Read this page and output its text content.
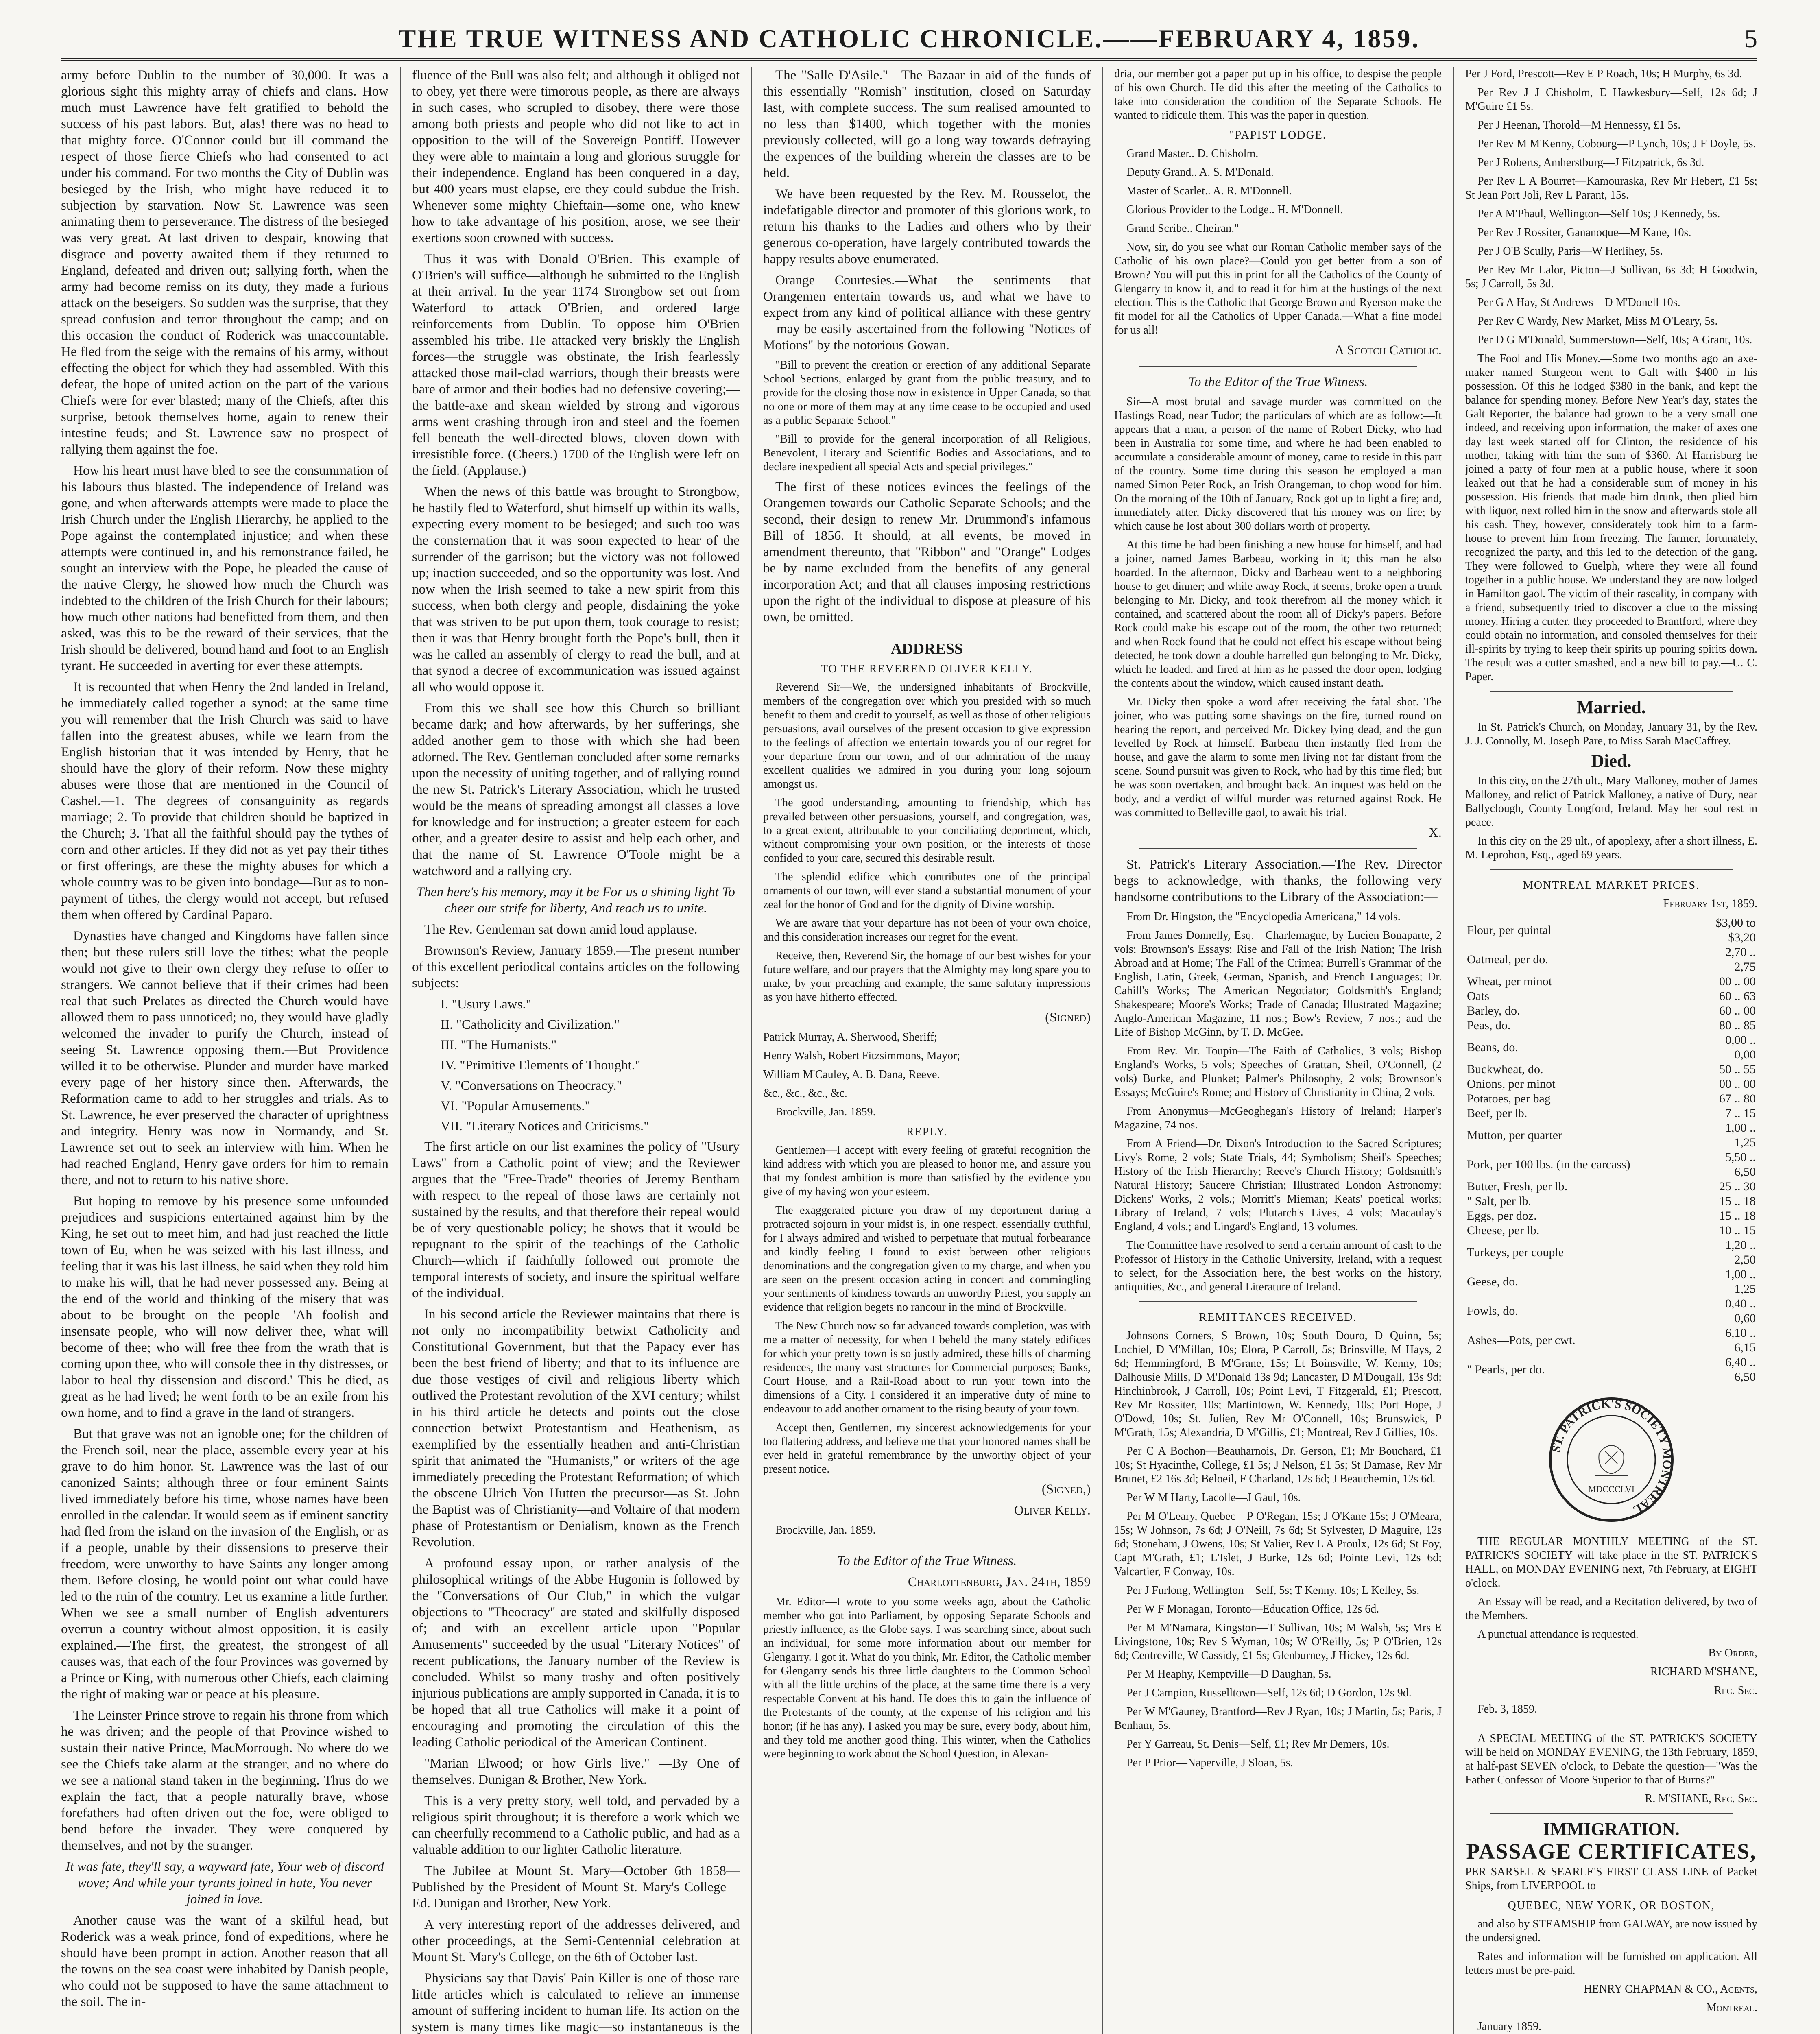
THE TRUE WITNESS AND CATHOLIC CHRONICLE.——FEBRUARY 4, 1859.	5

army before Dublin to the number of 30,000. It was a glorious sight this mighty array of chiefs and clans. How much must Lawrence have felt gratified to behold the success of his past labors. But, alas! there was no head to that mighty force. O'Connor could but ill command the respect of those fierce Chiefs who had consented to act under his command. For two months the City of Dublin was besieged by the Irish, who might have reduced it to subjection by starvation. Now St. Lawrence was seen animating them to perseverance. The distress of the besieged was very great. At last driven to despair, knowing that disgrace and poverty awaited them if they returned to England, defeated and driven out; sallying forth, when the army had become remiss on its duty, they made a furious attack on the beseigers. So sudden was the surprise, that they spread confusion and terror throughout the camp; and on this occasion the conduct of Roderick was unaccountable. He fled from the seige with the remains of his army, without effecting the object for which they had assembled. With this defeat, the hope of united action on the part of the various Chiefs were for ever blasted; many of the Chiefs, after this surprise, betook themselves home, again to renew their intestine feuds; and St. Lawrence saw no prospect of rallying them against the foe.

How his heart must have bled to see the consummation of his labours thus blasted. The independence of Ireland was gone, and when afterwards attempts were made to place the Irish Church under the English Hierarchy, he applied to the Pope against the contemplated injustice; and when these attempts were continued in, and his remonstrance failed, he sought an interview with the Pope, he pleaded the cause of the native Clergy, he showed how much the Church was indebted to the children of the Irish Church for their labours; how much other nations had benefitted from them, and then asked, was this to be the reward of their services, that the Irish should be delivered, bound hand and foot to an English tyrant. He succeeded in averting for ever these attempts.

It is recounted that when Henry the 2nd landed in Ireland, he immediately called together a synod; at the same time you will remember that the Irish Church was said to have fallen into the greatest abuses, while we learn from the English historian that it was intended by Henry, that he should have the glory of their reform. Now these mighty abuses were those that are mentioned in the Council of Cashel.—1. The degrees of consanguinity as regards marriage; 2. To provide that children should be baptized in the Church; 3. That all the faithful should pay the tythes of corn and other articles. If they did not as yet pay their tithes or first offerings, are these the mighty abuses for which a whole country was to be given into bondage—But as to non-payment of tithes, the clergy would not accept, but refused them when offered by Cardinal Paparo.

Dynasties have changed and Kingdoms have fallen since then; but these rulers still love the tithes; what the people would not give to their own clergy they refuse to offer to strangers. We cannot believe that if their crimes had been real that such Prelates as directed the Church would have allowed them to pass unnoticed; no, they would have gladly welcomed the invader to purify the Church, instead of seeing St. Lawrence opposing them.—But Providence willed it to be otherwise. Plunder and murder have marked every page of her history since then. Afterwards, the Reformation came to add to her struggles and trials. As to St. Lawrence, he ever preserved the character of uprightness and integrity. Henry was now in Normandy, and St. Lawrence set out to seek an interview with him. When he had reached England, Henry gave orders for him to remain there, and not to return to his native shore.

But hoping to remove by his presence some unfounded prejudices and suspicions entertained against him by the King, he set out to meet him, and had just reached the little town of Eu, when he was seized with his last illness, and feeling that it was his last illness, he said when they told him to make his will, that he had never possessed any. Being at the end of the world and thinking of the misery that was about to be brought on the people—'Ah foolish and insensate people, who will now deliver thee, what will become of thee; who will free thee from the wrath that is coming upon thee, who will console thee in thy distresses, or labor to heal thy dissension and discord.' This he died, as great as he had lived; he went forth to be an exile from his own home, and to find a grave in the land of strangers.

But that grave was not an ignoble one; for the children of the French soil, near the place, assemble every year at his grave to do him honor. St. Lawrence was the last of our canonized Saints; although three or four eminent Saints lived immediately before his time, whose names have been enrolled in the calendar. It would seem as if eminent sanctity had fled from the island on the invasion of the English, or as if a people, unable by their dissensions to preserve their freedom, were unworthy to have Saints any longer among them. Before closing, he would point out what could have led to the ruin of the country. Let us examine a little further. When we see a small number of English adventurers overrun a country without almost opposition, it is easily explained.—The first, the greatest, the strongest of all causes was, that each of the four Provinces was governed by a Prince or King, with numerous other Chiefs, each claiming the right of making war or peace at his pleasure.

The Leinster Prince strove to regain his throne from which he was driven; and the people of that Province wished to sustain their native Prince, MacMorrough. No where do we see the Chiefs take alarm at the stranger, and no where do we see a national stand taken in the beginning. Thus do we explain the fact, that a people naturally brave, whose forefathers had often driven out the foe, were obliged to bend before the invader. They were conquered by themselves, and not by the stranger.

It was fate, they'll say, a wayward fate, Your web of discord wove; And while your tyrants joined in hate, You never joined in love.

Another cause was the want of a skilful head, but Roderick was a weak prince, fond of expeditions, where he should have been prompt in action. Another reason that all the towns on the sea coast were inhabited by Danish people, who could not be supposed to have the same attachment to the soil. The in-

fluence of the Bull was also felt; and although it obliged not to obey, yet there were timorous people, as there are always in such cases, who scrupled to disobey, there were those among both priests and people who did not like to act in opposition to the will of the Sovereign Pontiff. However they were able to maintain a long and glorious struggle for their independence. England has been conquered in a day, but 400 years must elapse, ere they could subdue the Irish. Whenever some mighty Chieftain—some one, who knew how to take advantage of his position, arose, we see their exertions soon crowned with success.

Thus it was with Donald O'Brien. This example of O'Brien's will suffice—although he submitted to the English at their arrival. In the year 1174 Strongbow set out from Waterford to attack O'Brien, and ordered large reinforcements from Dublin. To oppose him O'Brien assembled his tribe. He attacked very briskly the English forces—the struggle was obstinate, the Irish fearlessly attacked those mail-clad warriors, though their breasts were bare of armor and their bodies had no defensive covering;—the battle-axe and skean wielded by strong and vigorous arms went crashing through iron and steel and the foemen fell beneath the well-directed blows, cloven down with irresistible force. (Cheers.) 1700 of the English were left on the field. (Applause.)

When the news of this battle was brought to Strongbow, he hastily fled to Waterford, shut himself up within its walls, expecting every moment to be besieged; and such too was the consternation that it was soon expected to hear of the surrender of the garrison; but the victory was not followed up; inaction succeeded, and so the opportunity was lost. And now when the Irish seemed to take a new spirit from this success, when both clergy and people, disdaining the yoke that was striven to be put upon them, took courage to resist; then it was that Henry brought forth the Pope's bull, then it was he called an assembly of clergy to read the bull, and at that synod a decree of excommunication was issued against all who would oppose it.

From this we shall see how this Church so brilliant became dark; and how afterwards, by her sufferings, she added another gem to those with which she had been adorned. The Rev. Gentleman concluded after some remarks upon the necessity of uniting together, and of rallying round the new St. Patrick's Literary Association, which he trusted would be the means of spreading amongst all classes a love for knowledge and for instruction; a greater esteem for each other, and a greater desire to assist and help each other, and that the name of St. Lawrence O'Toole might be a watchword and a rallying cry.

Then here's his memory, may it be For us a shining light To cheer our strife for liberty, And teach us to unite.

The Rev. Gentleman sat down amid loud applause.

Brownson's Review, January 1859.—The present number of this excellent periodical contains articles on the following subjects:—

I. "Usury Laws."

II. "Catholicity and Civilization."

III. "The Humanists."

IV. "Primitive Elements of Thought."

V. "Conversations on Theocracy."

VI. "Popular Amusements."

VII. "Literary Notices and Criticisms."

The first article on our list examines the policy of "Usury Laws" from a Catholic point of view; and the Reviewer argues that the "Free-Trade" theories of Jeremy Bentham with respect to the repeal of those laws are certainly not sustained by the results, and that therefore their repeal would be of very questionable policy; he shows that it would be repugnant to the spirit of the teachings of the Catholic Church—which if faithfully followed out promote the temporal interests of society, and insure the spiritual welfare of the individual.

In his second article the Reviewer maintains that there is not only no incompatibility betwixt Catholicity and Constitutional Government, but that the Papacy ever has been the best friend of liberty; and that to its influence are due those vestiges of civil and religious liberty which outlived the Protestant revolution of the XVI century; whilst in his third article he detects and points out the close connection betwixt Protestantism and Heathenism, as exemplified by the essentially heathen and anti-Christian spirit that animated the "Humanists," or writers of the age immediately preceding the Protestant Reformation; of which the obscene Ulrich Von Hutten the precursor—as St. John the Baptist was of Christianity—and Voltaire of that modern phase of Protestantism or Denialism, known as the French Revolution.

A profound essay upon, or rather analysis of the philosophical writings of the Abbe Hugonin is followed by the "Conversations of Our Club," in which the vulgar objections to "Theocracy" are stated and skilfully disposed of; and with an excellent article upon "Popular Amusements" succeeded by the usual "Literary Notices" of recent publications, the January number of the Review is concluded. Whilst so many trashy and often positively injurious publications are amply supported in Canada, it is to be hoped that all true Catholics will make it a point of encouraging and promoting the circulation of this the leading Catholic periodical of the American Continent.

"Marian Elwood; or how Girls live." —By One of themselves. Dunigan & Brother, New York.

This is a very pretty story, well told, and pervaded by a religious spirit throughout; it is therefore a work which we can cheerfully recommend to a Catholic public, and had as a valuable addition to our lighter Catholic literature.

The Jubilee at Mount St. Mary—October 6th 1858—Published by the President of Mount St. Mary's College—Ed. Dunigan and Brother, New York.

A very interesting report of the addresses delivered, and other proceedings, at the Semi-Centennial celebration at Mount St. Mary's College, on the 6th of October last.

Physicians say that Davis' Pain Killer is one of those rare little articles which is calculated to relieve an immense amount of suffering incident to human life. Its action on the system is many times like magic—so instantaneous is the

The "Salle D'Asile."—The Bazaar in aid of the funds of this essentially "Romish" institution, closed on Saturday last, with complete success. The sum realised amounted to no less than $1400, which together with the monies previously collected, will go a long way towards defraying the expences of the building wherein the classes are to be held.

We have been requested by the Rev. M. Rousselot, the indefatigable director and promoter of this glorious work, to return his thanks to the Ladies and others who by their generous co-operation, have largely contributed towards the happy results above enumerated.

Orange Courtesies.—What the sentiments that Orangemen entertain towards us, and what we have to expect from any kind of political alliance with these gentry—may be easily ascertained from the following "Notices of Motions" by the notorious Gowan.

"Bill to prevent the creation or erection of any additional Separate School Sections, enlarged by grant from the public treasury, and to provide for the closing those now in existence in Upper Canada, so that no one or more of them may at any time cease to be occupied and used as a public Separate School."

"Bill to provide for the general incorporation of all Religious, Benevolent, Literary and Scientific Bodies and Associations, and to declare inexpedient all special Acts and special privileges."

The first of these notices evinces the feelings of the Orangemen towards our Catholic Separate Schools; and the second, their design to renew Mr. Drummond's infamous Bill of 1856. It should, at all events, be moved in amendment thereunto, that "Ribbon" and "Orange" Lodges be by name excluded from the benefits of any general incorporation Act; and that all clauses imposing restrictions upon the right of the individual to dispose at pleasure of his own, be omitted.

ADDRESS

TO THE REVEREND OLIVER KELLY.

Reverend Sir—We, the undersigned inhabitants of Brockville, members of the congregation over which you presided with so much benefit to them and credit to yourself, as well as those of other religious persuasions, avail ourselves of the present occasion to give expression to the feelings of affection we entertain towards you of our regret for your departure from our town, and of our admiration of the many excellent qualities we admired in you during your long sojourn amongst us.

The good understanding, amounting to friendship, which has prevailed between other persuasions, yourself, and congregation, was, to a great extent, attributable to your conciliating deportment, which, without compromising your own position, or the interests of those confided to your care, secured this desirable result.

The splendid edifice which contributes one of the principal ornaments of our town, will ever stand a substantial monument of your zeal for the honor of God and for the dignity of Divine worship.

We are aware that your departure has not been of your own choice, and this consideration increases our regret for the event.

Receive, then, Reverend Sir, the homage of our best wishes for your future welfare, and our prayers that the Almighty may long spare you to make, by your preaching and example, the same salutary impressions as you have hitherto effected.

(Signed)

Patrick Murray, A. Sherwood, Sheriff;

Henry Walsh, Robert Fitzsimmons, Mayor;

William M'Cauley, A. B. Dana, Reeve.

&c., &c., &c., &c.

Brockville, Jan. 1859.

REPLY.

Gentlemen—I accept with every feeling of grateful recognition the kind address with which you are pleased to honor me, and assure you that my fondest ambition is more than satisfied by the evidence you give of my having won your esteem.

The exaggerated picture you draw of my deportment during a protracted sojourn in your midst is, in one respect, essentially truthful, for I always admired and wished to perpetuate that mutual forbearance and kindly feeling I found to exist between other religious denominations and the congregation given to my charge, and when you are seen on the present occasion acting in concert and commingling your sentiments of kindness towards an unworthy Priest, you supply an evidence that religion begets no rancour in the mind of Brockville.

The New Church now so far advanced towards completion, was with me a matter of necessity, for when I beheld the many stately edifices for which your pretty town is so justly admired, these hills of charming residences, the many vast structures for Commercial purposes; Banks, Court House, and a Rail-Road about to run your town into the dimensions of a City. I considered it an imperative duty of mine to endeavour to add another ornament to the rising beauty of your town.

Accept then, Gentlemen, my sincerest acknowledgements for your too flattering address, and believe me that your honored names shall be ever held in grateful remembrance by the unworthy object of your present notice.

(Signed,)

Oliver Kelly.

Brockville, Jan. 1859.

To the Editor of the True Witness.

Charlottenburg, Jan. 24th, 1859

Mr. Editor—I wrote to you some weeks ago, about the Catholic member who got into Parliament, by opposing Separate Schools and priestly influence, as the Globe says. I was searching since, about such an individual, for some more information about our member for Glengarry. I got it. What do you think, Mr. Editor, the Catholic member for Glengarry sends his three little daughters to the Common School with all the little urchins of the place, at the same time there is a very respectable Convent at his hand. He does this to gain the influence of the Protestants of the county, at the expense of his religion and his honor; (if he has any). I asked you may be sure, every body, about him, and they told me another good thing. This winter, when the Catholics were beginning to work about the School Question, in Alexan-

dria, our member got a paper put up in his office, to despise the people of his own Church. He did this after the meeting of the Catholics to take into consideration the condition of the Separate Schools. He wanted to ridicule them. This was the paper in question.

"PAPIST LODGE.

Grand Master.. D. Chisholm.

Deputy Grand.. A. S. M'Donald.

Master of Scarlet.. A. R. M'Donnell.

Glorious Provider to the Lodge.. H. M'Donnell.

Grand Scribe.. Cheiran."

Now, sir, do you see what our Roman Catholic member says of the Catholic of his own place?—Could you get better from a son of Brown? You will put this in print for all the Catholics of the County of Glengarry to know it, and to read it for him at the hustings of the next election. This is the Catholic that George Brown and Ryerson make the fit model for all the Catholics of Upper Canada.—What a fine model for us all!

A Scotch Catholic.

To the Editor of the True Witness.

Sir—A most brutal and savage murder was committed on the Hastings Road, near Tudor; the particulars of which are as follow:—It appears that a man, a person of the name of Robert Dicky, who had been in Australia for some time, and where he had been enabled to accumulate a considerable amount of money, came to reside in this part of the country. Some time during this season he employed a man named Simon Peter Rock, an Irish Orangeman, to chop wood for him. On the morning of the 10th of January, Rock got up to light a fire; and, immediately after, Dicky discovered that his money was on fire; by which cause he lost about 300 dollars worth of property.

At this time he had been finishing a new house for himself, and had a joiner, named James Barbeau, working in it; this man he also boarded. In the afternoon, Dicky and Barbeau went to a neighboring house to get dinner; and while away Rock, it seems, broke open a trunk belonging to Mr. Dicky, and took therefrom all the money which it contained, and scattered about the room all of Dicky's papers. Before Rock could make his escape out of the room, the other two returned; and when Rock found that he could not effect his escape without being detected, he took down a double barrelled gun belonging to Mr. Dicky, which he loaded, and fired at him as he passed the door open, lodging the contents about the window, which caused instant death.

Mr. Dicky then spoke a word after receiving the fatal shot. The joiner, who was putting some shavings on the fire, turned round on hearing the report, and perceived Mr. Dickey lying dead, and the gun levelled by Rock at himself. Barbeau then instantly fled from the house, and gave the alarm to some men living not far distant from the scene. Sound pursuit was given to Rock, who had by this time fled; but he was soon overtaken, and brought back. An inquest was held on the body, and a verdict of wilful murder was returned against Rock. He was committed to Belleville gaol, to await his trial.

X.

St. Patrick's Literary Association.—The Rev. Director begs to acknowledge, with thanks, the following very handsome contributions to the Library of the Association:—

From Dr. Hingston, the "Encyclopedia Americana," 14 vols.

From James Donnelly, Esq.—Charlemagne, by Lucien Bonaparte, 2 vols; Brownson's Essays; Rise and Fall of the Irish Nation; The Irish Abroad and at Home; The Fall of the Crimea; Burrell's Grammar of the English, Latin, Greek, German, Spanish, and French Languages; Dr. Cahill's Works; The American Negotiator; Goldsmith's England; Shakespeare; Moore's Works; Trade of Canada; Illustrated Magazine; Anglo-American Magazine, 11 nos.; Bow's Review, 7 nos.; and the Life of Bishop McGinn, by T. D. McGee.

From Rev. Mr. Toupin—The Faith of Catholics, 3 vols; Bishop England's Works, 5 vols; Speeches of Grattan, Sheil, O'Connell, (2 vols) Burke, and Plunket; Palmer's Philosophy, 2 vols; Brownson's Essays; McGuire's Rome; and History of Christianity in China, 2 vols.

From Anonymus—McGeoghegan's History of Ireland; Harper's Magazine, 74 nos.

From A Friend—Dr. Dixon's Introduction to the Sacred Scriptures; Livy's Rome, 2 vols; State Trials, 44; Symbolism; Sheil's Speeches; History of the Irish Hierarchy; Reeve's Church History; Goldsmith's Natural History; Saucere Christian; Illustrated London Astronomy; Dickens' Works, 2 vols.; Morritt's Mieman; Keats' poetical works; Library of Ireland, 7 vols; Plutarch's Lives, 4 vols; Macaulay's England, 4 vols.; and Lingard's England, 13 volumes.

The Committee have resolved to send a certain amount of cash to the Professor of History in the Catholic University, Ireland, with a request to select, for the Association here, the best works on the history, antiquities, &c., and general Literature of Ireland.

REMITTANCES RECEIVED.

Johnsons Corners, S Brown, 10s; South Douro, D Quinn, 5s; Lochiel, D M'Millan, 10s; Elora, P Carroll, 5s; Brinsville, M Hays, 2 6d; Hemmingford, B M'Grane, 15s; Lt Boinsville, W. Kenny, 10s; Dalhousie Mills, D M'Donald 13s 9d; Lancaster, D M'Dougall, 13s 9d; Hinchinbrook, J Carroll, 10s; Point Levi, T Fitzgerald, £1; Prescott, Rev Mr Rossiter, 10s; Martintown, W. Kennedy, 10s; Port Hope, J O'Dowd, 10s; St. Julien, Rev Mr O'Connell, 10s; Brunswick, P M'Grath, 15s; Alexandria, D M'Gillis, £1; Montreal, Rev J Gillies, 10s.

Per C A Bochon—Beauharnois, Dr. Gerson, £1; Mr Bouchard, £1 10s; St Hyacinthe, College, £1 5s; J Nelson, £1 5s; St Damase, Rev Mr Brunet, £2 16s 3d; Beloeil, F Charland, 12s 6d; J Beauchemin, 12s 6d.

Per W M Harty, Lacolle—J Gaul, 10s.

Per M O'Leary, Quebec—P O'Regan, 15s; J O'Kane 15s; J O'Meara, 15s; W Johnson, 7s 6d; J O'Neill, 7s 6d; St Sylvester, D Maguire, 12s 6d; Stoneham, J Owens, 10s; St Valier, Rev L A Proulx, 12s 6d; St Foy, Capt M'Grath, £1; L'Islet, J Burke, 12s 6d; Pointe Levi, 12s 6d; Valcartier, F Conway, 10s.

Per J Furlong, Wellington—Self, 5s; T Kenny, 10s; L Kelley, 5s.

Per W F Monagan, Toronto—Education Office, 12s 6d.

Per M M'Namara, Kingston—T Sullivan, 10s; M Walsh, 5s; Mrs E Livingstone, 10s; Rev S Wyman, 10s; W O'Reilly, 5s; P O'Brien, 12s 6d; Centreville, W Cassidy, £1 5s; Glenburney, J Hickey, 12s 6d.

Per M Heaphy, Kemptville—D Daughan, 5s.

Per J Campion, Russelltown—Self, 12s 6d; D Gordon, 12s 9d.

Per W M'Gauney, Brantford—Rev J Ryan, 10s; J Martin, 5s; Paris, J Benham, 5s.

Per Y Garreau, St. Denis—Self, £1; Rev Mr Demers, 10s.

Per P Prior—Naperville, J Sloan, 5s.

Per J Ford, Prescott—Rev E P Roach, 10s; H Murphy, 6s 3d.

Per Rev J J Chisholm, E Hawkesbury—Self, 12s 6d; J M'Guire £1 5s.

Per J Heenan, Thorold—M Hennessy, £1 5s.

Per Rev M M'Kenny, Cobourg—P Lynch, 10s; J F Doyle, 5s.

Per J Roberts, Amherstburg—J Fitzpatrick, 6s 3d.

Per Rev L A Bourret—Kamouraska, Rev Mr Hebert, £1 5s; St Jean Port Joli, Rev L Parant, 15s.

Per A M'Phaul, Wellington—Self 10s; J Kennedy, 5s.

Per Rev J Rossiter, Gananoque—M Kane, 10s.

Per J O'B Scully, Paris—W Herlihey, 5s.

Per Rev Mr Lalor, Picton—J Sullivan, 6s 3d; H Goodwin, 5s; J Carroll, 5s 3d.

Per G A Hay, St Andrews—D M'Donell 10s.

Per Rev C Wardy, New Market, Miss M O'Leary, 5s.

Per D G M'Donald, Summerstown—Self, 10s; A Grant, 10s.

The Fool and His Money.—Some two months ago an axe-maker named Sturgeon went to Galt with $400 in his possession. Of this he lodged $380 in the bank, and kept the balance for spending money. Before New Year's day, states the Galt Reporter, the balance had grown to be a very small one indeed, and receiving upon information, the maker of axes one day last week started off for Clinton, the residence of his mother, taking with him the sum of $360. At Harrisburg he joined a party of four men at a public house, where it soon leaked out that he had a considerable sum of money in his possession. His friends that made him drunk, then plied him with liquor, next rolled him in the snow and afterwards stole all his cash. They, however, considerately took him to a farm-house to prevent him from freezing. The farmer, fortunately, recognized the party, and this led to the detection of the gang. They were followed to Guelph, where they were all found together in a public house. We understand they are now lodged in Hamilton gaol. The victim of their rascality, in company with a friend, subsequently tried to discover a clue to the missing money. Hiring a cutter, they proceeded to Brantford, where they could obtain no information, and consoled themselves for their ill-spirits by trying to keep their spirits up pouring spirits down. The result was a cutter smashed, and a new bill to pay.—U. C. Paper.

Married.

In St. Patrick's Church, on Monday, January 31, by the Rev. J. J. Connolly, M. Joseph Pare, to Miss Sarah MacCaffrey.

Died.

In this city, on the 27th ult., Mary Malloney, mother of James Malloney, and relict of Patrick Malloney, a native of Dury, near Ballyclough, County Longford, Ireland. May her soul rest in peace.

In this city on the 29 ult., of apoplexy, after a short illness, E. M. Leprohon, Esq., aged 69 years.

MONTREAL MARKET PRICES.

February 1st, 1859.

Flour, per quintal	$3,00 to $3,20
Oatmeal, per do.	2,70 .. 2,75
Wheat, per minot	00 .. 00
Oats	60 .. 63
Barley, do.	60 .. 00
Peas, do.	80 .. 85
Beans, do.	0,00 .. 0,00
Buckwheat, do.	50 .. 55
Onions, per minot	00 .. 00
Potatoes, per bag	67 .. 80
Beef, per lb.	7 .. 15
Mutton, per quarter	1,00 .. 1,25
Pork, per 100 lbs. (in the carcass)	5,50 .. 6,50
Butter, Fresh, per lb.	25 .. 30
" Salt, per lb.	15 .. 18
Eggs, per doz.	15 .. 18
Cheese, per lb.	10 .. 15
Turkeys, per couple	1,20 .. 2,50
Geese, do.	1,00 .. 1,25
Fowls, do.	0,40 .. 0,60
Ashes—Pots, per cwt.	6,10 .. 6,15
" Pearls, per do.	6,40 .. 6,50
ST. PATRICK'S SOCIETY MONTREAL
MDCCCLVI

THE REGULAR MONTHLY MEETING of the ST. PATRICK'S SOCIETY will take place in the ST. PATRICK'S HALL, on MONDAY EVENING next, 7th February, at EIGHT o'clock.

An Essay will be read, and a Recitation delivered, by two of the Members.

A punctual attendance is requested.

By Order,

RICHARD M'SHANE,

Rec. Sec.

Feb. 3, 1859.

A SPECIAL MEETING of the ST. PATRICK'S SOCIETY will be held on MONDAY EVENING, the 13th February, 1859, at half-past SEVEN o'clock, to Debate the question—"Was the Father Confessor of Moore Superior to that of Burns?"

R. M'SHANE, Rec. Sec.

IMMIGRATION.

PASSAGE CERTIFICATES,

PER SARSEL & SEARLE'S FIRST CLASS LINE of Packet Ships, from LIVERPOOL to

QUEBEC, NEW YORK, OR BOSTON,

and also by STEAMSHIP from GALWAY, are now issued by the undersigned.

Rates and information will be furnished on application. All letters must be pre-paid.

HENRY CHAPMAN & CO., Agents,

Montreal.

January 1859.
